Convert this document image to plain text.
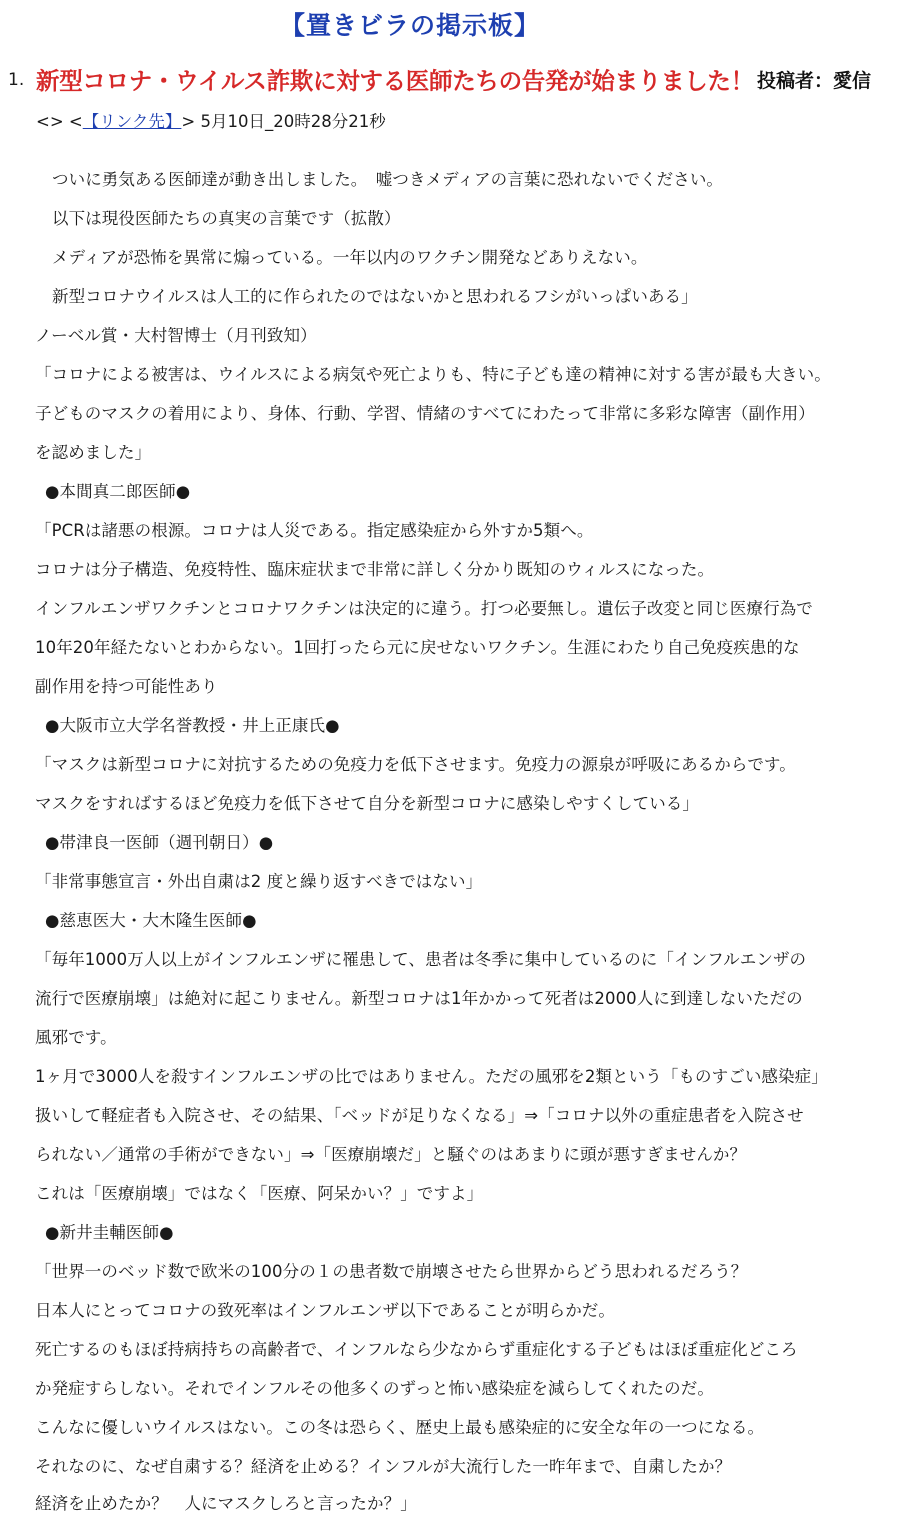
【置きビラの掲示板】
1. 新型コロナ・ウイルス詐欺に対する医師たちの告発が始まりました！ 投稿者：愛信
<> <【リンク先】> 5月10日_20時28分21秒
ついに勇気ある医師達が動き出しました。　嘘つきメディアの言葉に恐れないでください。
以下は現役医師たちの真実の言葉です（拡散）
メディアが恐怖を異常に煽っている。一年以内のワクチン開発などありえない。
新型コロナウイルスは人工的に作られたのではないかと思われるフシがいっぱいある」
ノーベル賞・大村智博士（月刊致知）
「コロナによる被害は、ウイルスによる病気や死亡よりも、特に子ども達の精神に対する害が最も大きい。
子どものマスクの着用により、身体、行動、学習、情緒のすべてにわたって非常に多彩な障害（副作用）
を認めました」
●本間真二郎医師●
「PCRは諸悪の根源。コロナは人災である。指定感染症から外すか5類へ。
コロナは分子構造、免疫特性、臨床症状まで非常に詳しく分かり既知のウィルスになった。
インフルエンザワクチンとコロナワクチンは決定的に違う。打つ必要無し。遺伝子改変と同じ医療行為で
10年20年経たないとわからない。1回打ったら元に戻せないワクチン。生涯にわたり自己免疫疾患的な
副作用を持つ可能性あり
●大阪市立大学名誉教授・井上正康氏●
「マスクは新型コロナに対抗するための免疫力を低下させます。免疫力の源泉が呼吸にあるからです。
マスクをすればするほど免疫力を低下させて自分を新型コロナに感染しやすくしている」
●帯津良一医師（週刊朝日）●
「非常事態宣言・外出自粛は2 度と繰り返すべきではない」
●慈恵医大・大木隆生医師●
「毎年1000万人以上がインフルエンザに罹患して、患者は冬季に集中しているのに「インフルエンザの
流行で医療崩壊」は絶対に起こりません。新型コロナは1年かかって死者は2000人に到達しないただの
風邪です。
1ヶ月で3000人を殺すインフルエンザの比ではありません。ただの風邪を2類という「ものすごい感染症」
扱いして軽症者も入院させ、その結果、「ベッドが足りなくなる」⇒「コロナ以外の重症患者を入院させ
られない／通常の手術ができない」⇒「医療崩壊だ」と騒ぐのはあまりに頭が悪すぎませんか？
これは「医療崩壊」ではなく「医療、阿呆かい？」ですよ」
●新井圭輔医師●
「世界一のベッド数で欧米の100分の１の患者数で崩壊させたら世界からどう思われるだろう？
日本人にとってコロナの致死率はインフルエンザ以下であることが明らかだ。
死亡するのもほぼ持病持ちの高齢者で、インフルなら少なからず重症化する子どもはほぼ重症化どころ
か発症すらしない。それでインフルその他多くのずっと怖い感染症を減らしてくれたのだ。
こんなに優しいウイルスはない。この冬は恐らく、歴史上最も感染症的に安全な年の一つになる。
それなのに、なぜ自粛する？経済を止める？インフルが大流行した一昨年まで、自粛したか？
経済を止めたか？　人にマスクしろと言ったか？」
